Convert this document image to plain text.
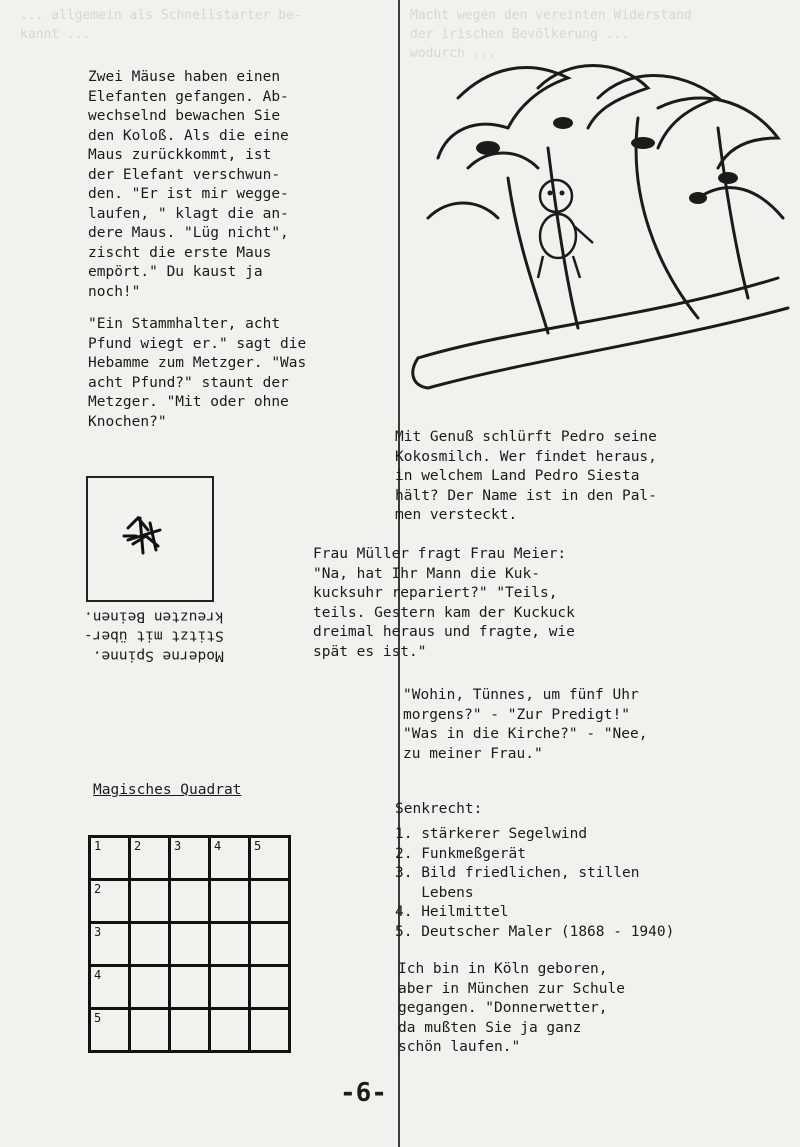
Macht wegen den vereinten Widerstand
der irischen Bevölkerung ...
wodurch ...
... allgemein als Schnellstarter be-
kannt ...
Zwei Mäuse haben einen
Elefanten gefangen. Ab-
wechselnd bewachen Sie
den Koloß. Als die eine
Maus zurückkommt, ist
der Elefant verschwun-
den. "Er ist mir wegge-
laufen, " klagt die an-
dere Maus. "Lüg nicht",
zischt die erste Maus
empört." Du kaust ja
noch!"
"Ein Stammhalter, acht
Pfund wiegt er." sagt die
Hebamme zum Metzger. "Was
acht Pfund?" staunt der
Metzger. "Mit oder ohne
Knochen?"
Mit Genuß schlürft Pedro seine
Kokosmilch. Wer findet heraus,
in welchem Land Pedro Siesta
hält? Der Name ist in den Pal-
men versteckt.
Moderne Spinne.
Stitzt mit über-
kreuzten Beinen.
Frau Müller fragt Frau Meier:
"Na, hat Ihr Mann die Kuk-
kucksuhr repariert?" "Teils,
teils. Gestern kam der Kuckuck
dreimal heraus und fragte, wie
spät es ist."
"Wohin, Tünnes, um fünf Uhr
morgens?" - "Zur Predigt!"
"Was in die Kirche?" - "Nee,
zu meiner Frau."
Magisches Quadrat
1	2	3	4	5

2				

3				

4				

5				

Senkrecht:
1. stärkerer Segelwind
2. Funkmeßgerät
3. Bild friedlichen, stillen
Lebens
4. Heilmittel
5. Deutscher Maler (1868 - 1940)
Ich bin in Köln geboren,
aber in München zur Schule
gegangen. "Donnerwetter,
da mußten Sie ja ganz
schön laufen."
-6-
